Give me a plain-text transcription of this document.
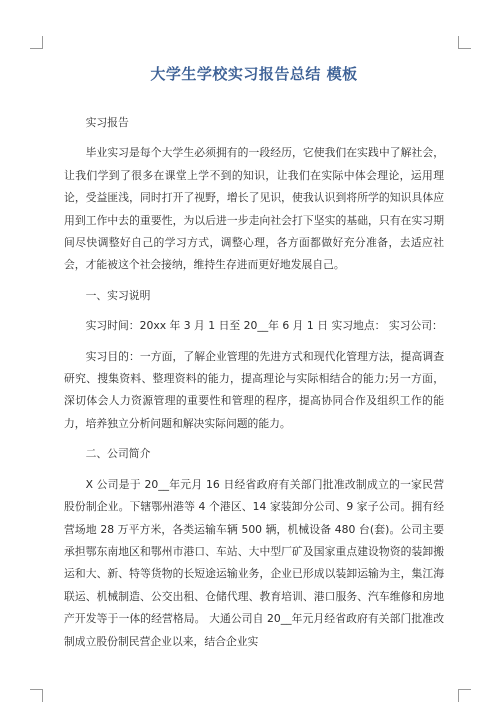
大学生学校实习报告总结 模板
实习报告
毕业实习是每个大学生必须拥有的一段经历，它使我们在实践中了解社会，让我们学到了很多在课堂上学不到的知识，让我们在实际中体会理论，运用理论，受益匪浅，同时打开了视野，增长了见识，使我认识到将所学的知识具体应用到工作中去的重要性，为以后进一步走向社会打下坚实的基础，只有在实习期间尽快调整好自己的学习方式，调整心理，各方面都做好充分准备，去适应社会，才能被这个社会接纳，维持生存进而更好地发展自己。
一、实习说明
实习时间：20xx 年 3 月 1 日至 20__年 6 月 1 日 实习地点： 实习公司：
实习目的：一方面，了解企业管理的先进方式和现代化管理方法，提高调查研究、搜集资料、整理资料的能力，提高理论与实际相结合的能力;另一方面，深切体会人力资源管理的重要性和管理的程序，提高协同合作及组织工作的能力，培养独立分析问题和解决实际问题的能力。
二、公司简介
X 公司是于 20__年元月 16 日经省政府有关部门批准改制成立的一家民营股份制企业。下辖鄂州港等 4 个港区、14 家装卸分公司、9 家子公司。拥有经营场地 28 万平方米，各类运输车辆 500 辆，机械设备 480 台(套)。公司主要承担鄂东南地区和鄂州市港口、车站、大中型厂矿及国家重点建设物资的装卸搬运和大、新、特等货物的长短途运输业务，企业已形成以装卸运输为主，集江海联运、机械制造、公交出租、仓储代理、教育培训、港口服务、汽车维修和房地产开发等于一体的经营格局。 大通公司自 20__年元月经省政府有关部门批准改制成立股份制民营企业以来，结合企业实
